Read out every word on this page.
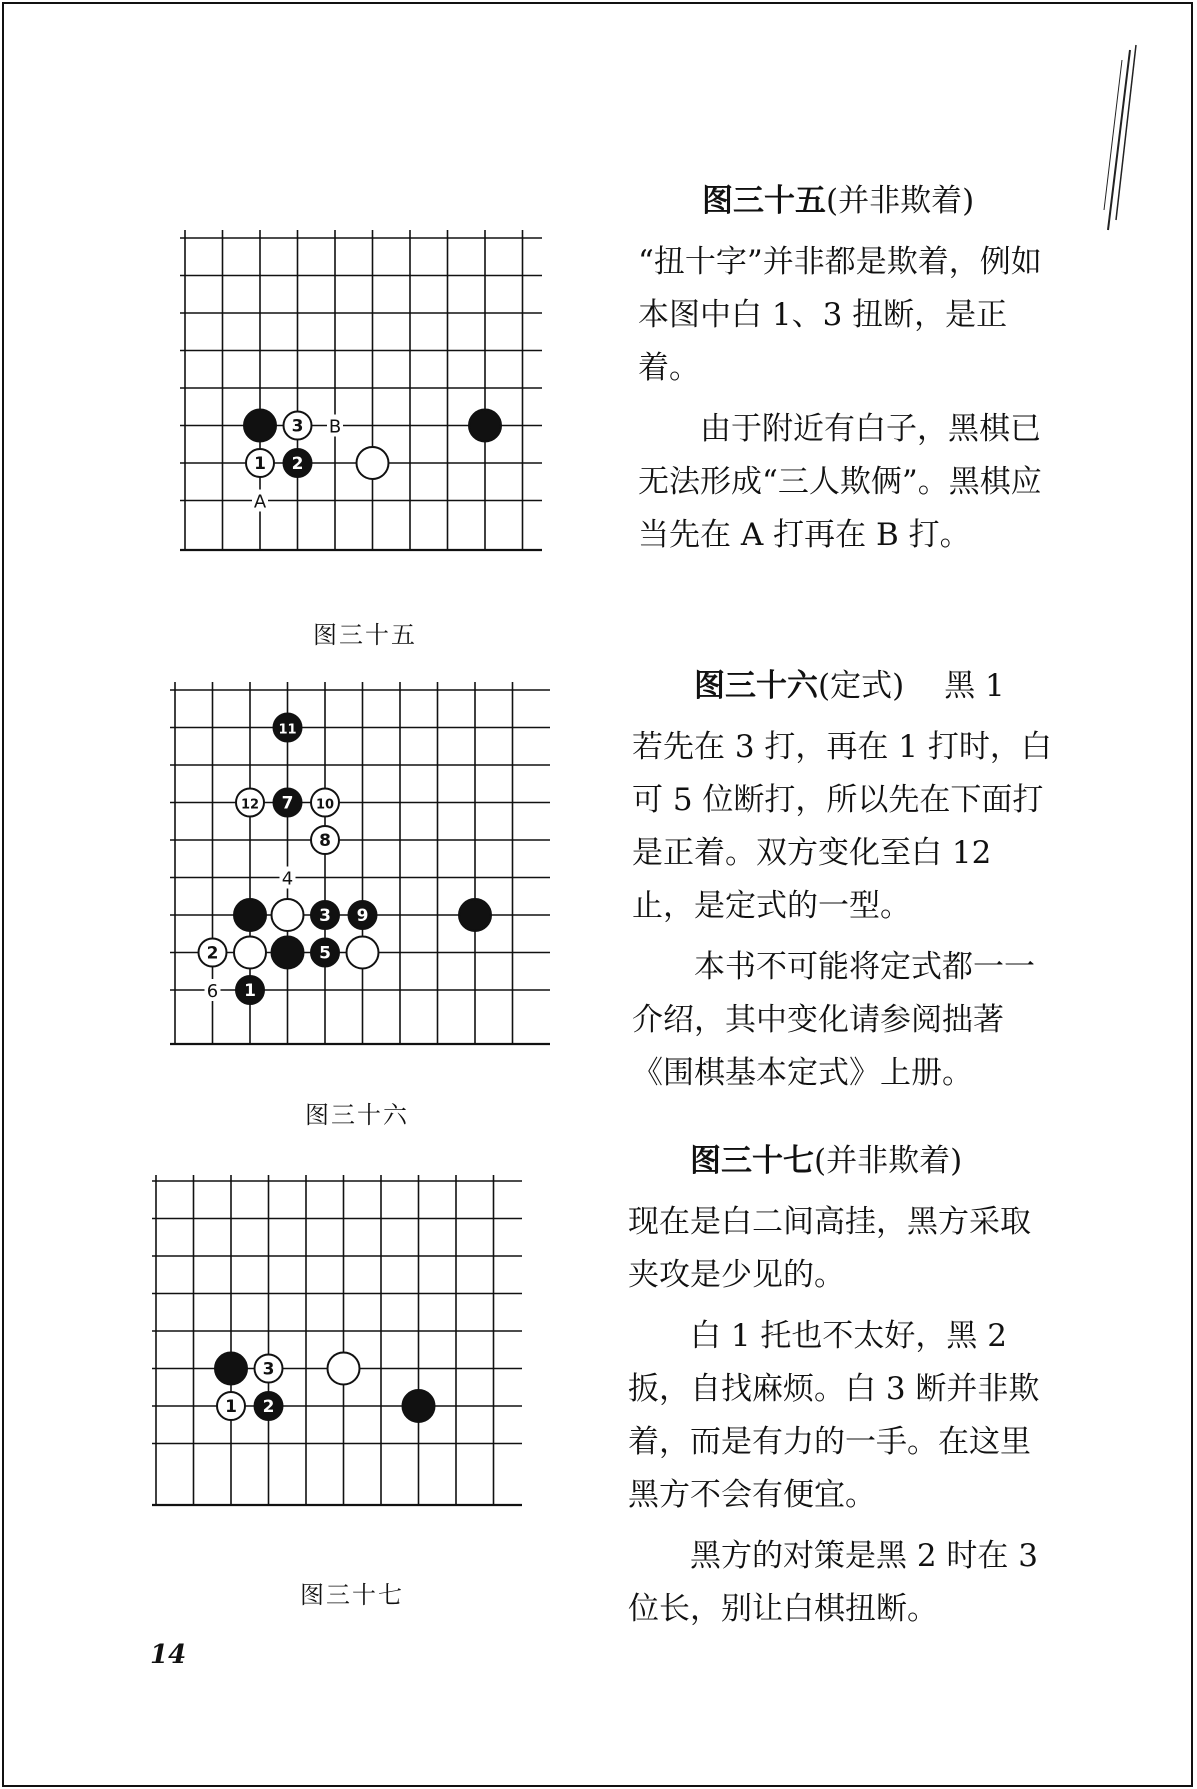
3
1 2
B
A
图三十五
11
12 7 10
8
3 9
2	5
1
4
6
图三十六
3
1 2
图三十七

图三十五(并非欺着)

“扭十字”并非都是欺着，例如本图中白 1、3 扭断，是正着。

由于附近有白子，黑棋已无法形成“三人欺俩”。黑棋应当先在 A 打再在 B 打。

图三十六(定式) 黑 1

若先在 3 打，再在 1 打时，白可 5 位断打，所以先在下面打是正着。双方变化至白 12 止，是定式的一型。

本书不可能将定式都一一介绍，其中变化请参阅拙著《围棋基本定式》上册。

图三十七(并非欺着)

现在是白二间高挂，黑方采取夹攻是少见的。

白 1 托也不太好，黑 2 扳，自找麻烦。白 3 断并非欺着，而是有力的一手。在这里黑方不会有便宜。

黑方的对策是黑 2 时在 3 位长，别让白棋扭断。

14
